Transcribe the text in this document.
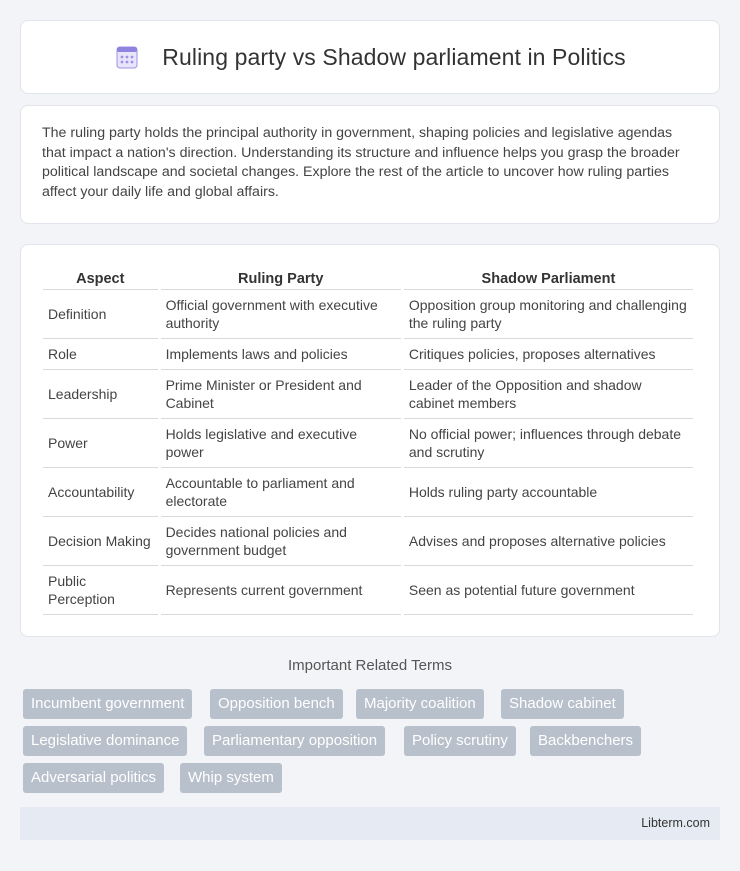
Ruling party vs Shadow parliament in Politics

The ruling party holds the principal authority in government, shaping policies and legislative agendas that impact a nation's direction. Understanding its structure and influence helps you grasp the broader political landscape and societal changes. Explore the rest of the article to uncover how ruling parties affect your daily life and global affairs.

Aspect	Ruling Party	Shadow Parliament
Definition	Official government with executive authority	Opposition group monitoring and challenging the ruling party
Role	Implements laws and policies	Critiques policies, proposes alternatives
Leadership	Prime Minister or President and Cabinet	Leader of the Opposition and shadow cabinet members
Power	Holds legislative and executive power	No official power; influences through debate and scrutiny
Accountability	Accountable to parliament and electorate	Holds ruling party accountable
Decision Making	Decides national policies and government budget	Advises and proposes alternative policies
Public Perception	Represents current government	Seen as potential future government
Important Related Terms
Incumbent government	Opposition bench	Majority coalition	Shadow cabinet
Legislative dominance	Parliamentary opposition	Policy scrutiny	Backbenchers
Adversarial politics	Whip system
Libterm.com
